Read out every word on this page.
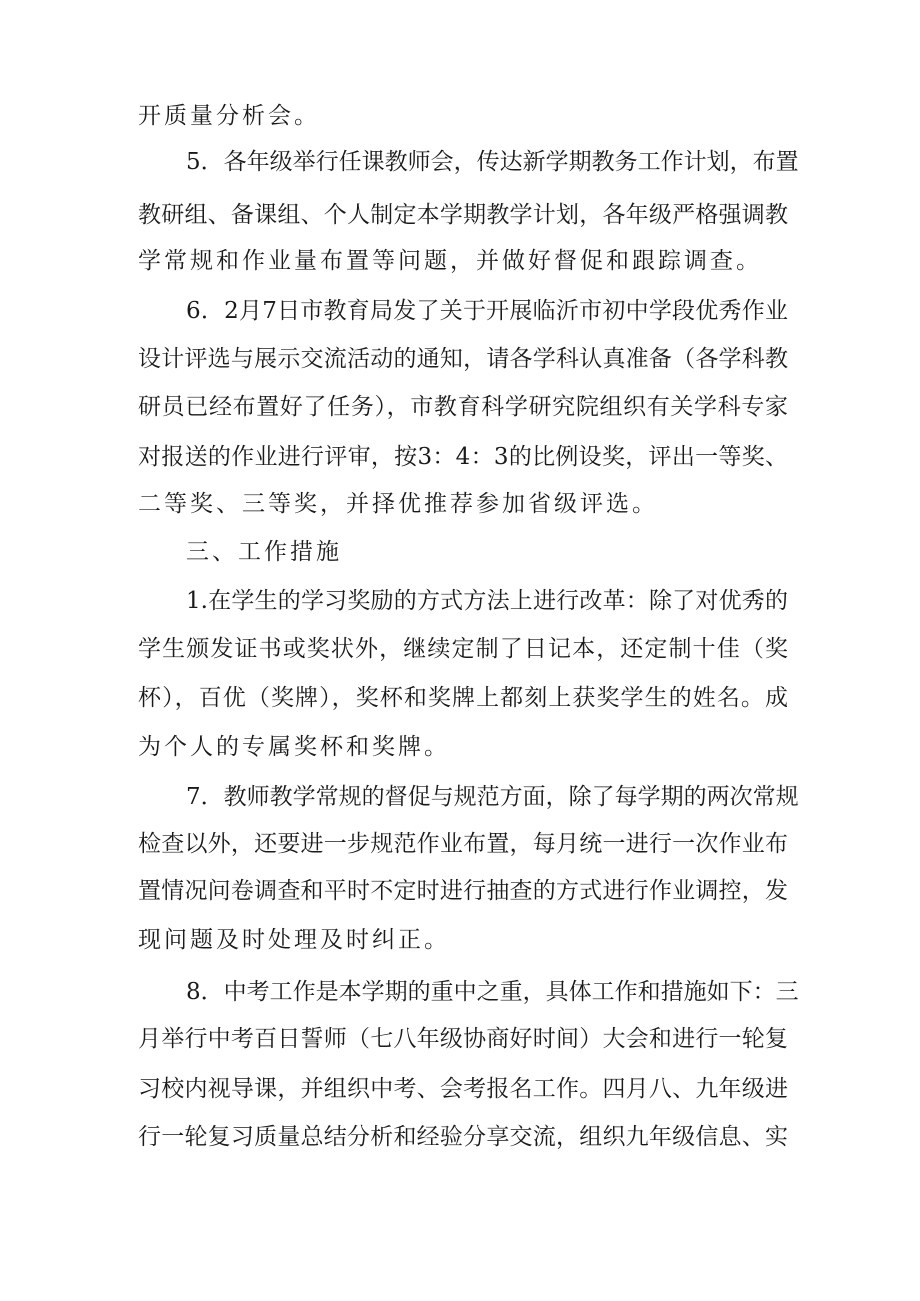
开质量分析会。
5．各年级举行任课教师会，传达新学期教务工作计划，布置
教研组、备课组、个人制定本学期教学计划，各年级严格强调教
学常规和作业量布置等问题，并做好督促和跟踪调查。
6．2月7日市教育局发了关于开展临沂市初中学段优秀作业
设计评选与展示交流活动的通知，请各学科认真准备（各学科教
研员已经布置好了任务），市教育科学研究院组织有关学科专家
对报送的作业进行评审，按3：4：3的比例设奖，评出一等奖、
二等奖、三等奖，并择优推荐参加省级评选。
三、工作措施
1.在学生的学习奖励的方式方法上进行改革：除了对优秀的
学生颁发证书或奖状外，继续定制了日记本，还定制十佳（奖
杯），百优（奖牌），奖杯和奖牌上都刻上获奖学生的姓名。成
为个人的专属奖杯和奖牌。
7．教师教学常规的督促与规范方面，除了每学期的两次常规
检查以外，还要进一步规范作业布置，每月统一进行一次作业布
置情况问卷调查和平时不定时进行抽查的方式进行作业调控，发
现问题及时处理及时纠正。
8．中考工作是本学期的重中之重，具体工作和措施如下：三
月举行中考百日誓师（七八年级协商好时间）大会和进行一轮复
习校内视导课，并组织中考、会考报名工作。四月八、九年级进
行一轮复习质量总结分析和经验分享交流，组织九年级信息、实
